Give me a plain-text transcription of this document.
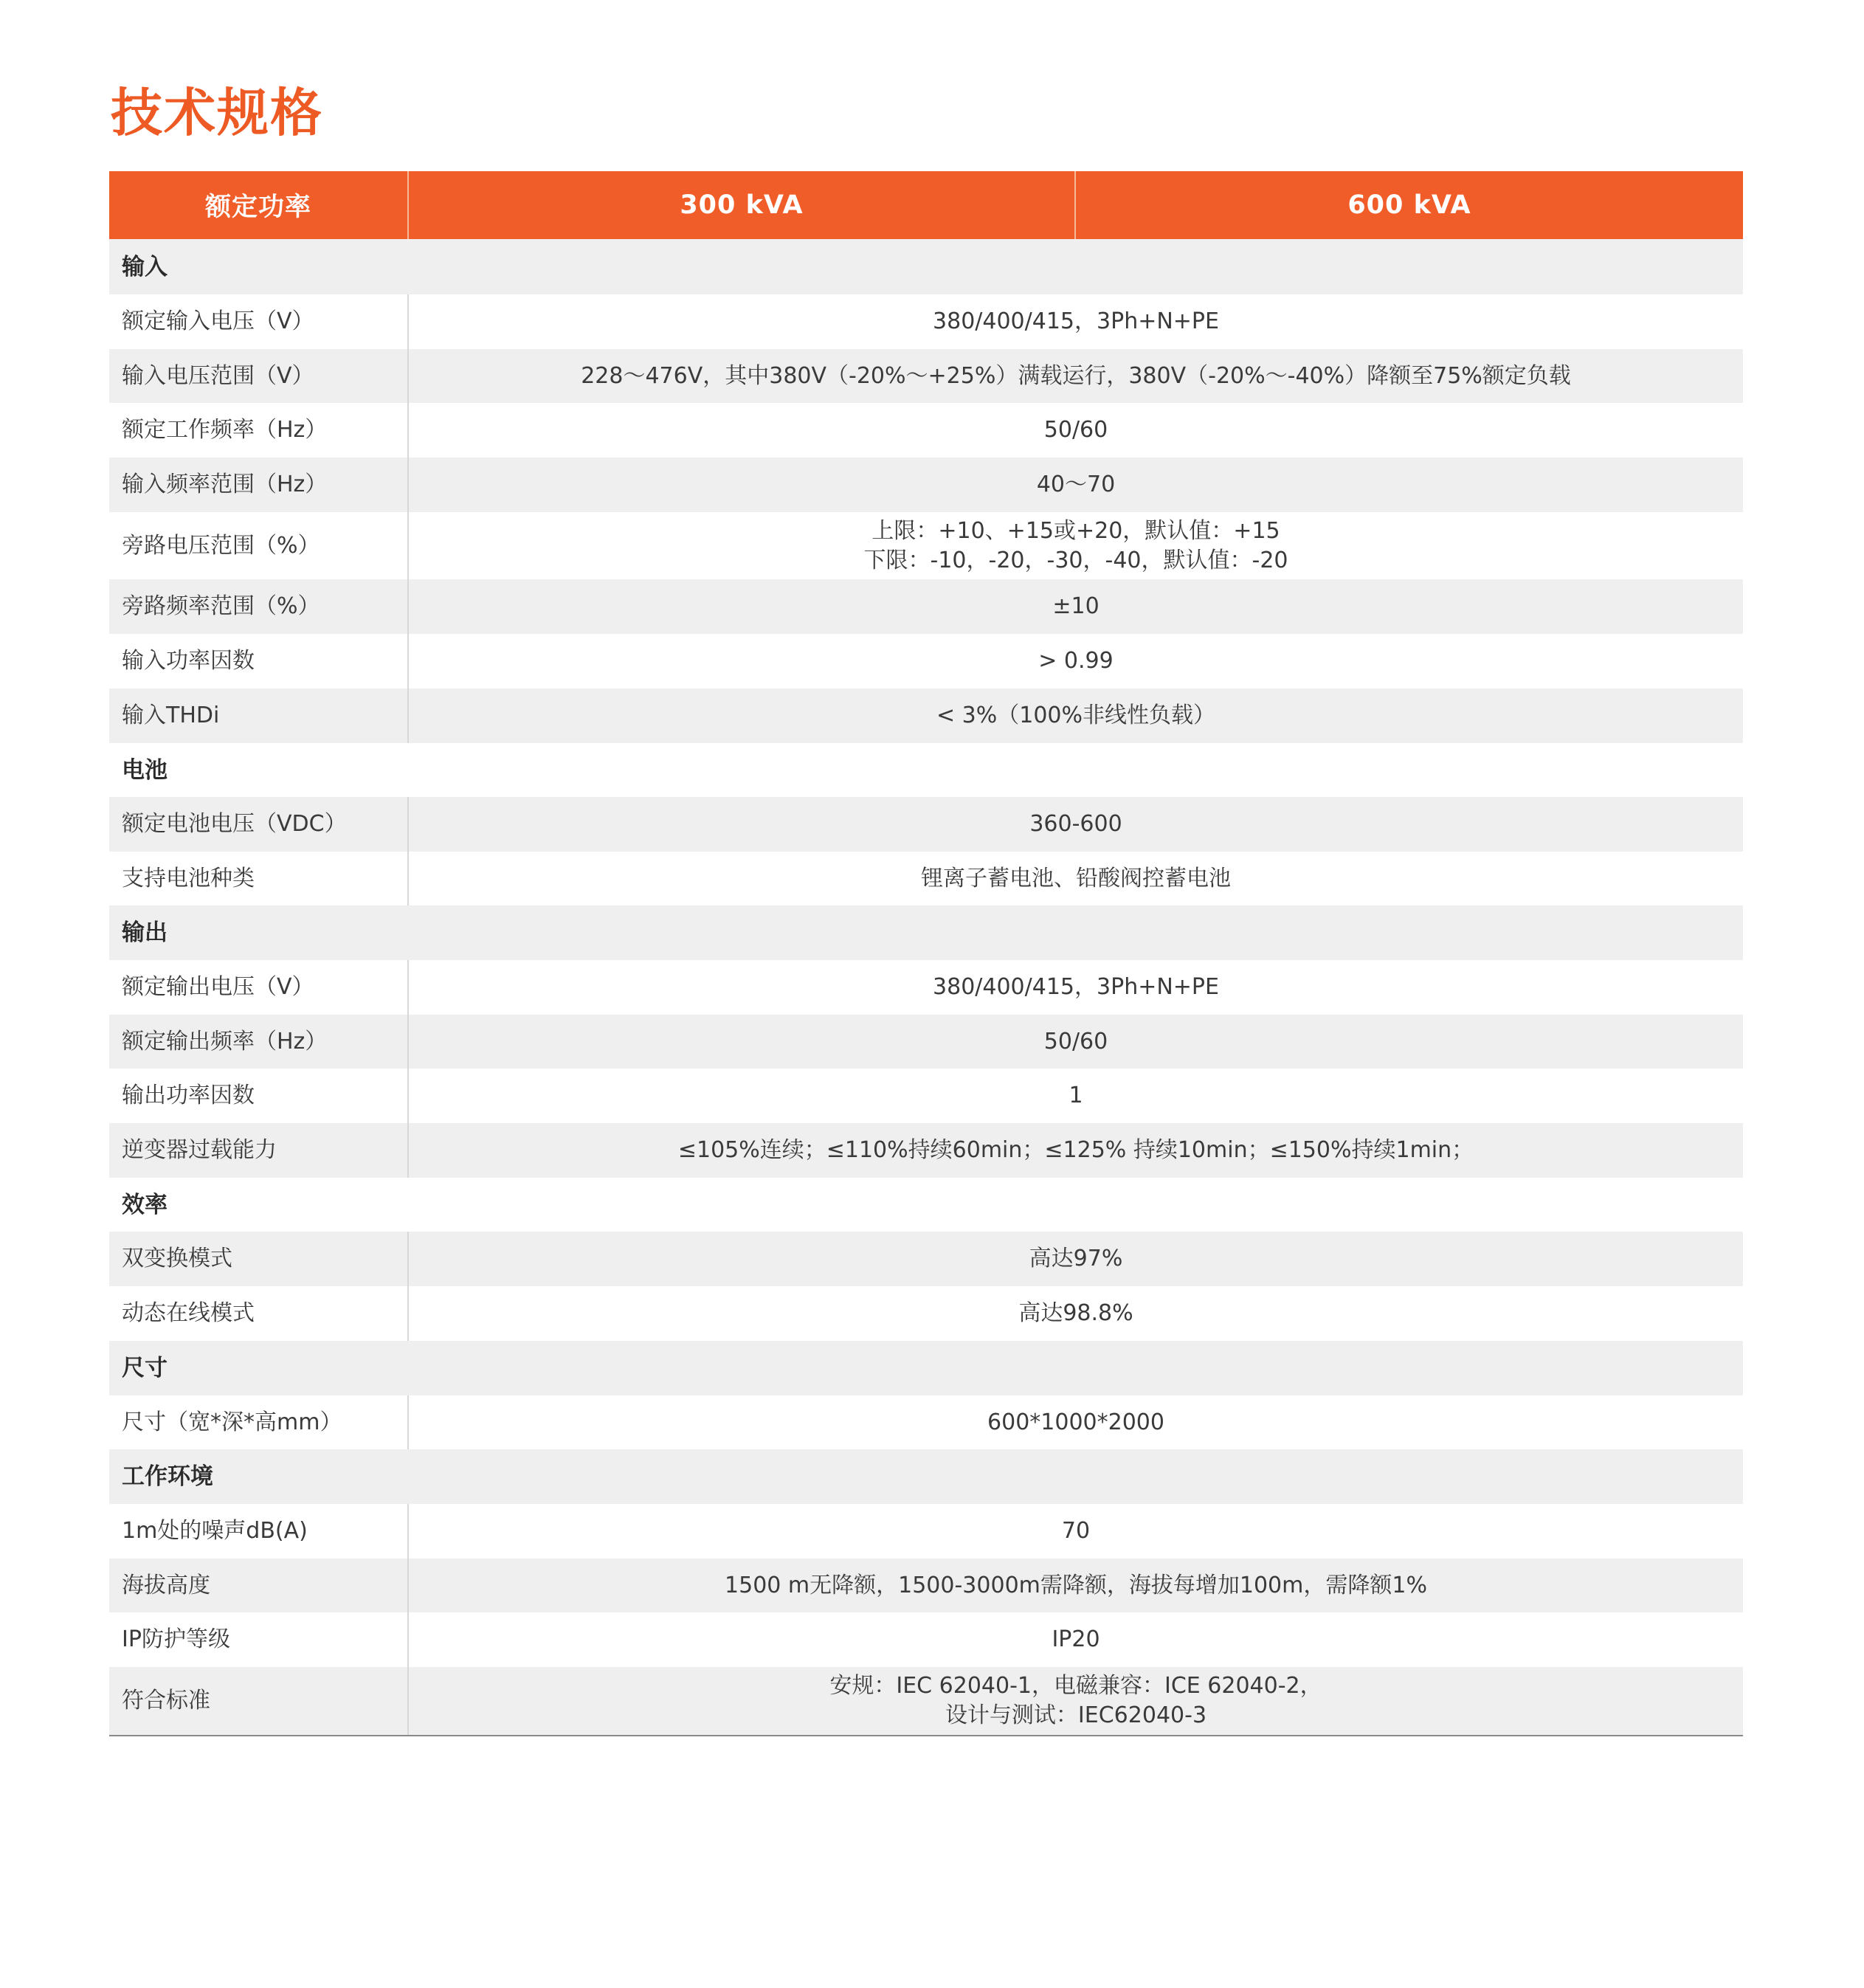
技术规格
额定功率	300 kVA	600 kVA
输入		
额定输入电压（V）	380/400/415，3Ph+N+PE	
输入电压范围（V）	228～476V，其中380V（-20%～+25%）满载运行，380V（-20%～-40%）降额至75%额定负载	
额定工作频率（Hz）	50/60	
输入频率范围（Hz）	40～70	
旁路电压范围（%）	上限：+10、+15或+20，默认值：+15
下限：-10，-20，-30，-40，默认值：-20	

旁路频率范围（%）	±10	
输入功率因数	> 0.99	
输入THDi	< 3%（100%非线性负载）	
电池		
额定电池电压（VDC）	360-600	
支持电池种类	锂离子蓄电池、铅酸阀控蓄电池	
输出		
额定输出电压（V）	380/400/415，3Ph+N+PE	
额定输出频率（Hz）	50/60	
输出功率因数	1	
逆变器过载能力	≤105%连续；≤110%持续60min；≤125% 持续10min；≤150%持续1min；	
效率		
双变换模式	高达97%	
动态在线模式	高达98.8%	
尺寸		
尺寸（宽*深*高mm）	600*1000*2000	
工作环境		
1m处的噪声dB(A)	70	
海拔高度	1500 m无降额，1500-3000m需降额，海拔每增加100m，需降额1%	
IP防护等级	IP20	
符合标准	安规：IEC 62040-1，电磁兼容：ICE 62040-2，
设计与测试：IEC62040-3	
